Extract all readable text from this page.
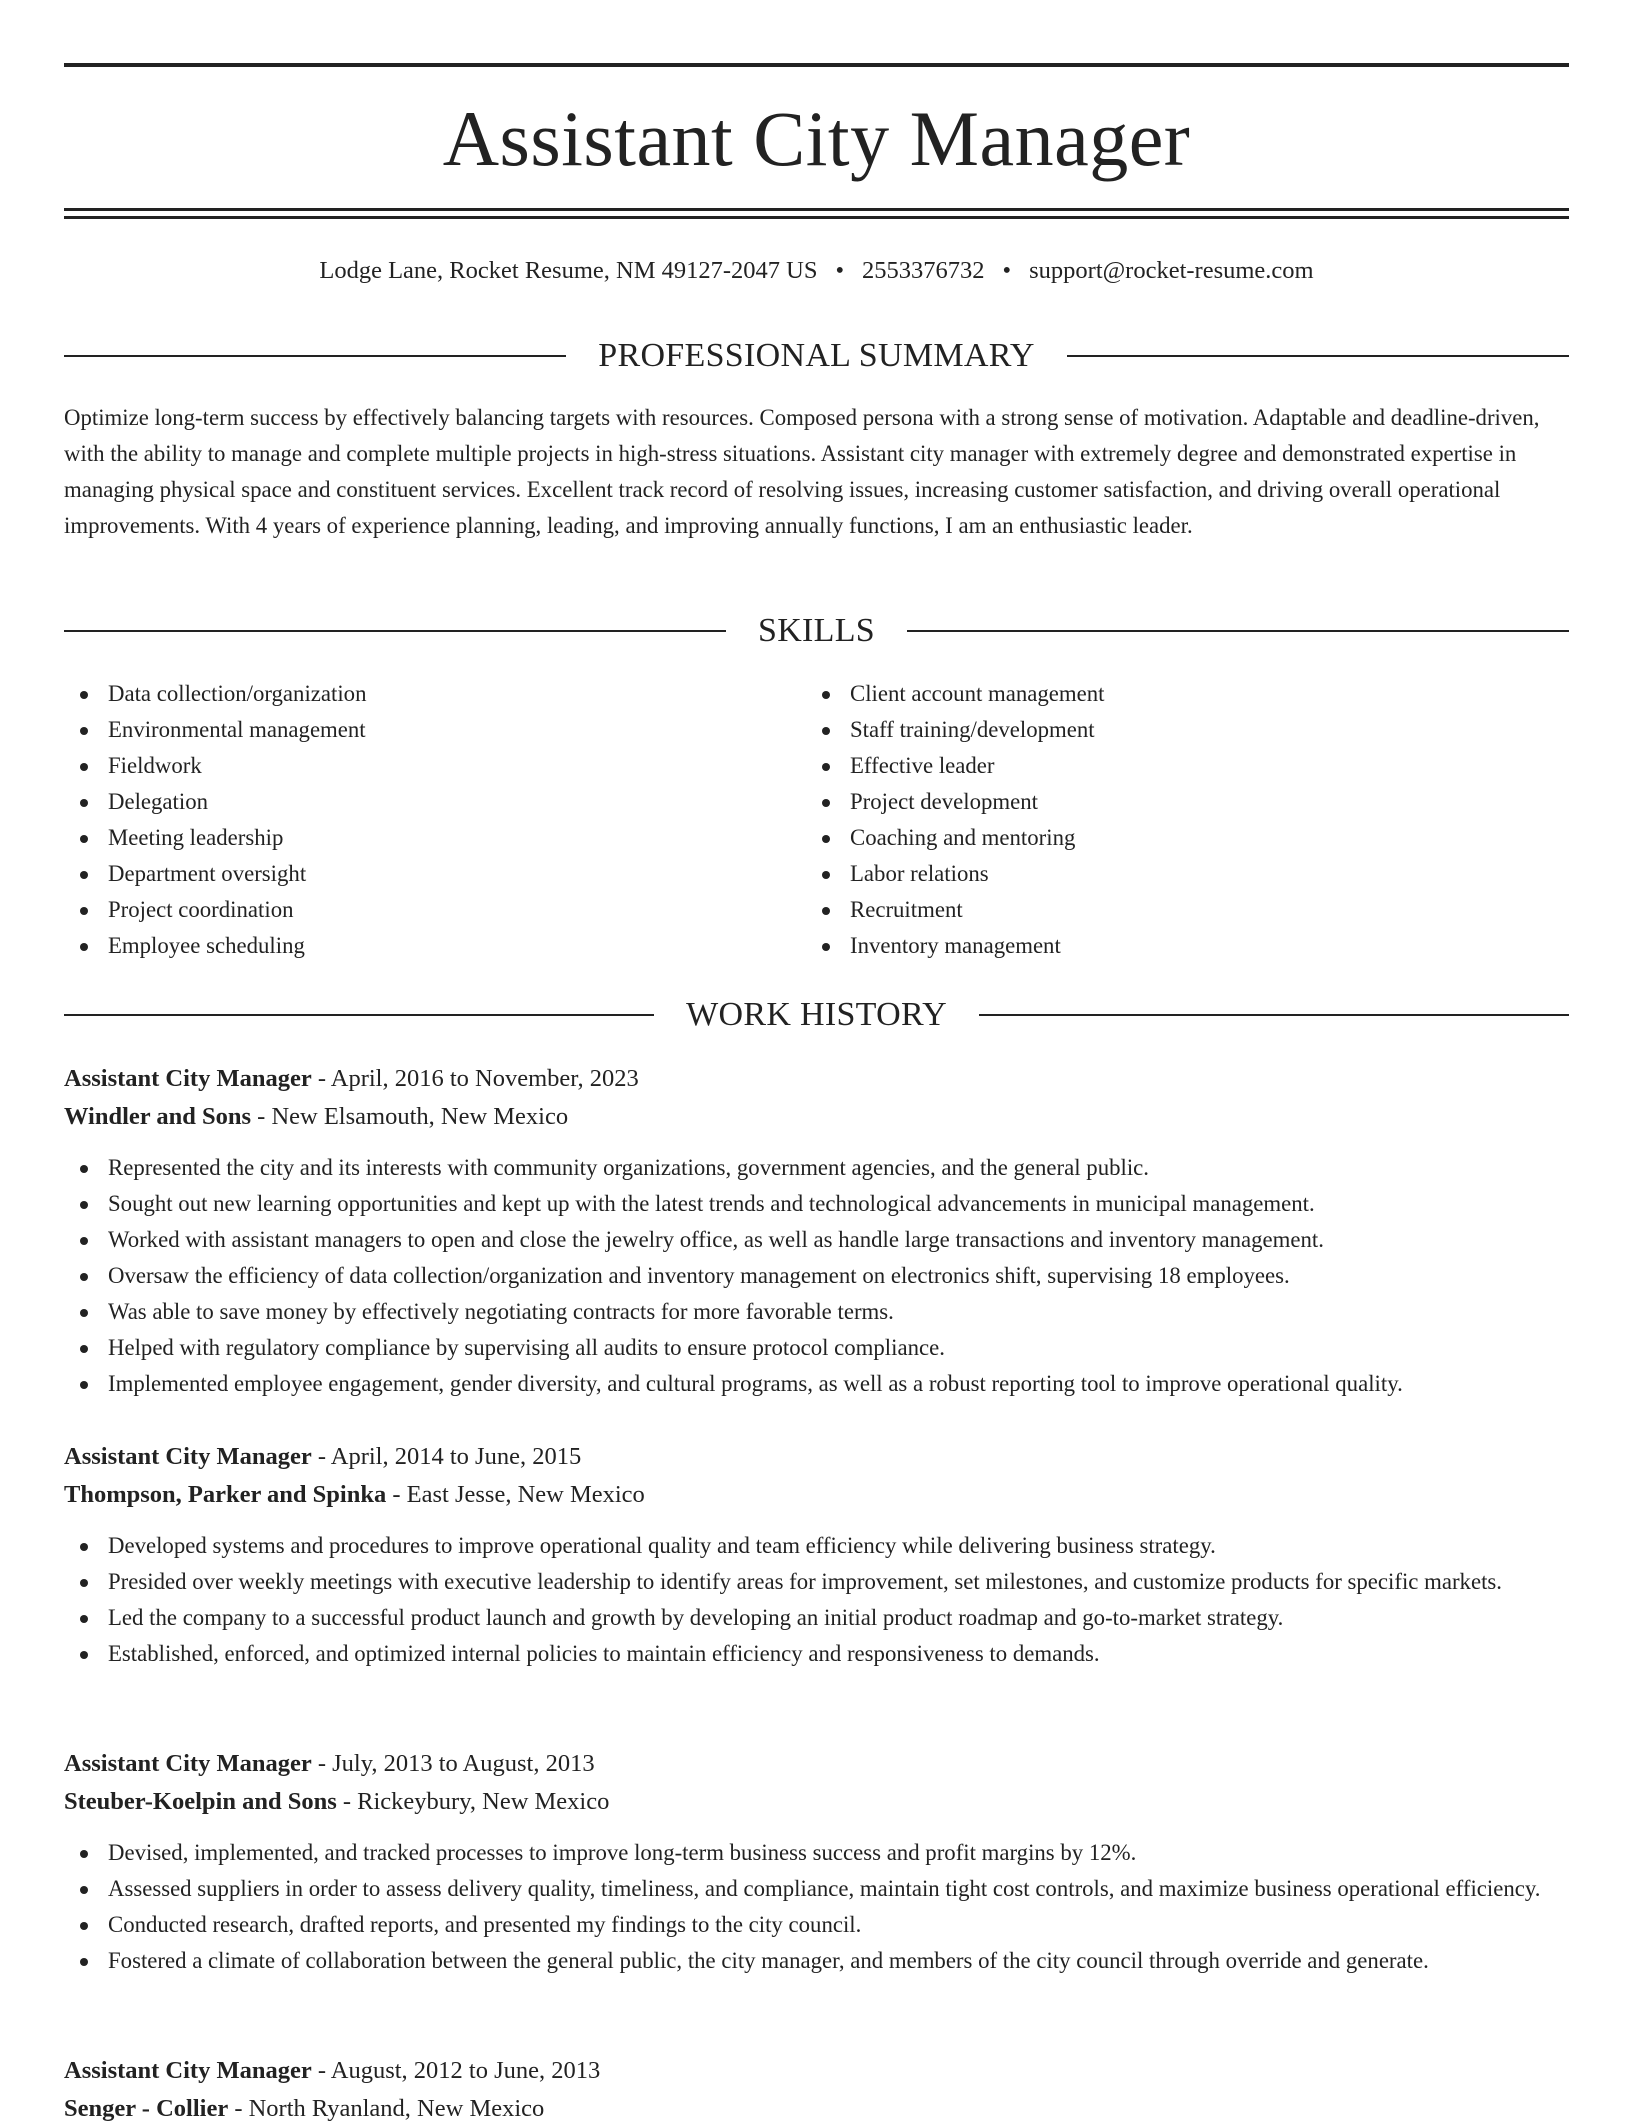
Assistant City Manager
Lodge Lane, Rocket Resume, NM 49127-2047 US • 2553376732 • support@rocket-resume.com
PROFESSIONAL SUMMARY

Optimize long-term success by effectively balancing targets with resources. Composed persona with a strong sense of motivation. Adaptable and deadline-driven, with the ability to manage and complete multiple projects in high-stress situations. Assistant city manager with extremely degree and demonstrated expertise in managing physical space and constituent services. Excellent track record of resolving issues, increasing customer satisfaction, and driving overall operational improvements. With 4 years of experience planning, leading, and improving annually functions, I am an enthusiastic leader.

SKILLS
Data collection/organization
Environmental management
Fieldwork
Delegation
Meeting leadership
Department oversight
Project coordination
Employee scheduling
Client account management
Staff training/development
Effective leader
Project development
Coaching and mentoring
Labor relations
Recruitment
Inventory management
WORK HISTORY
Assistant City Manager - April, 2016 to November, 2023
Windler and Sons - New Elsamouth, New Mexico
Represented the city and its interests with community organizations, government agencies, and the general public.
Sought out new learning opportunities and kept up with the latest trends and technological advancements in municipal management.
Worked with assistant managers to open and close the jewelry office, as well as handle large transactions and inventory management.
Oversaw the efficiency of data collection/organization and inventory management on electronics shift, supervising 18 employees.
Was able to save money by effectively negotiating contracts for more favorable terms.
Helped with regulatory compliance by supervising all audits to ensure protocol compliance.
Implemented employee engagement, gender diversity, and cultural programs, as well as a robust reporting tool to improve operational quality.
Assistant City Manager - April, 2014 to June, 2015
Thompson, Parker and Spinka - East Jesse, New Mexico
Developed systems and procedures to improve operational quality and team efficiency while delivering business strategy.
Presided over weekly meetings with executive leadership to identify areas for improvement, set milestones, and customize products for specific markets.
Led the company to a successful product launch and growth by developing an initial product roadmap and go-to-market strategy.
Established, enforced, and optimized internal policies to maintain efficiency and responsiveness to demands.
Assistant City Manager - July, 2013 to August, 2013
Steuber-Koelpin and Sons - Rickeybury, New Mexico
Devised, implemented, and tracked processes to improve long-term business success and profit margins by 12%.
Assessed suppliers in order to assess delivery quality, timeliness, and compliance, maintain tight cost controls, and maximize business operational efficiency.
Conducted research, drafted reports, and presented my findings to the city council.
Fostered a climate of collaboration between the general public, the city manager, and members of the city council through override and generate.
Assistant City Manager - August, 2012 to June, 2013
Senger - Collier - North Ryanland, New Mexico
